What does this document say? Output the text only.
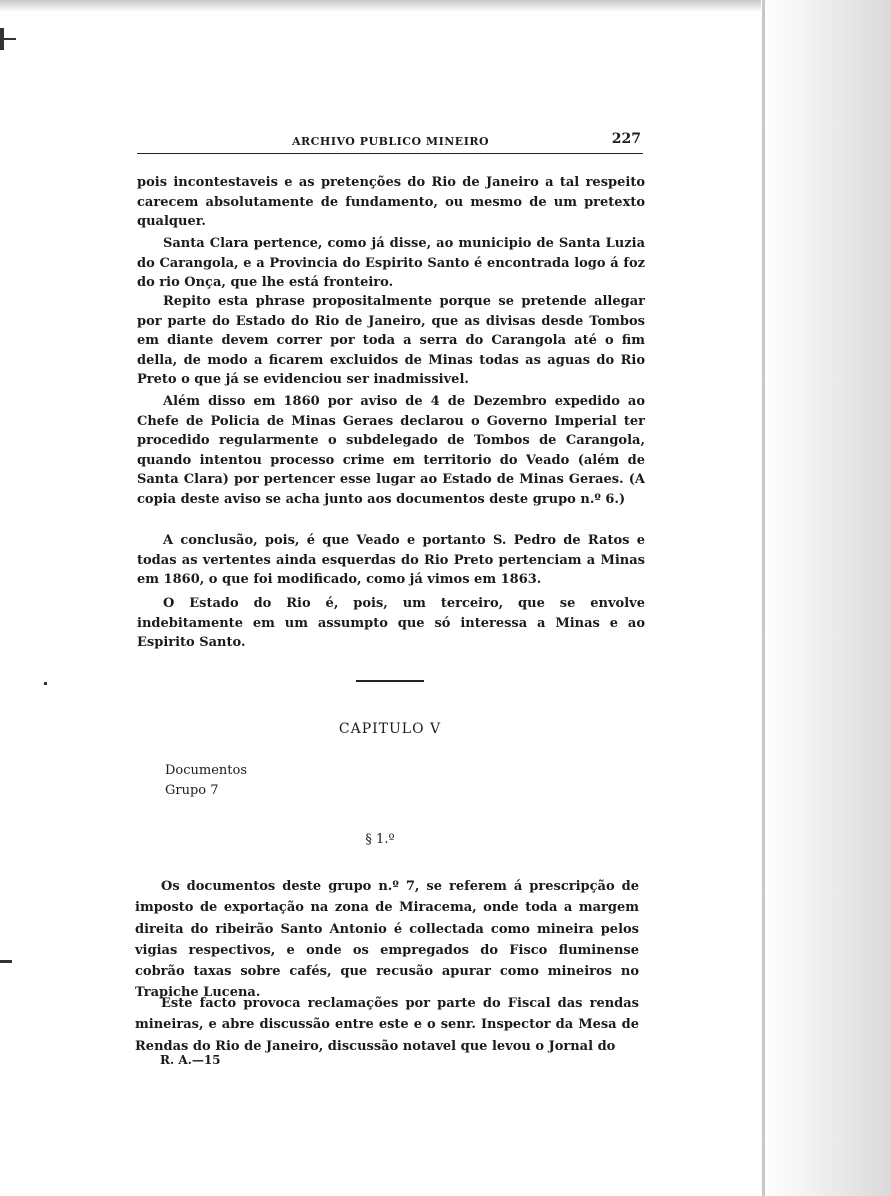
ARCHIVO PUBLICO MINEIRO	227

pois incontestaveis e as pretenções do Rio de Janeiro a tal respeito carecem absolutamente de fundamento, ou mesmo de um pretexto qualquer.

Santa Clara pertence, como já disse, ao municipio de Santa Luzia do Carangola, e a Provincia do Espirito Santo é encontrada logo á foz do rio Onça, que lhe está fronteiro.

Repito esta phrase propositalmente porque se pretende allegar por parte do Estado do Rio de Janeiro, que as divisas desde Tombos em diante devem correr por toda a serra do Carangola até o fim della, de modo a ficarem excluidos de Minas todas as aguas do Rio Preto o que já se evidenciou ser inadmissivel.

Além disso em 1860 por aviso de 4 de Dezembro expedido ao Chefe de Policia de Minas Geraes declarou o Governo Imperial ter procedido regularmente o subdelegado de Tombos de Carangola, quando intentou processo crime em territorio do Veado (além de Santa Clara) por pertencer esse lugar ao Estado de Minas Geraes. (A copia deste aviso se acha junto aos documentos deste grupo n.º 6.)

A conclusão, pois, é que Veado e portanto S. Pedro de Ratos e todas as vertentes ainda esquerdas do Rio Preto pertenciam a Minas em 1860, o que foi modificado, como já vimos em 1863.

O Estado do Rio é, pois, um terceiro, que se envolve indebitamente em um assumpto que só interessa a Minas e ao Espirito Santo.

CAPITULO V
Documentos
Grupo 7
§ 1.º

Os documentos deste grupo n.º 7, se referem á prescripção de imposto de exportação na zona de Miracema, onde toda a margem direita do ribeirão Santo Antonio é collectada como mineira pelos vigias respectivos, e onde os empregados do Fisco fluminense cobrão taxas sobre cafés, que recusão apurar como mineiros no Trapiche Lucena.

Este facto provoca reclamações por parte do Fiscal das rendas mineiras, e abre discussão entre este e o senr. Inspector da Mesa de Rendas do Rio de Janeiro, discussão notavel que levou o Jornal do

R. A.—15
